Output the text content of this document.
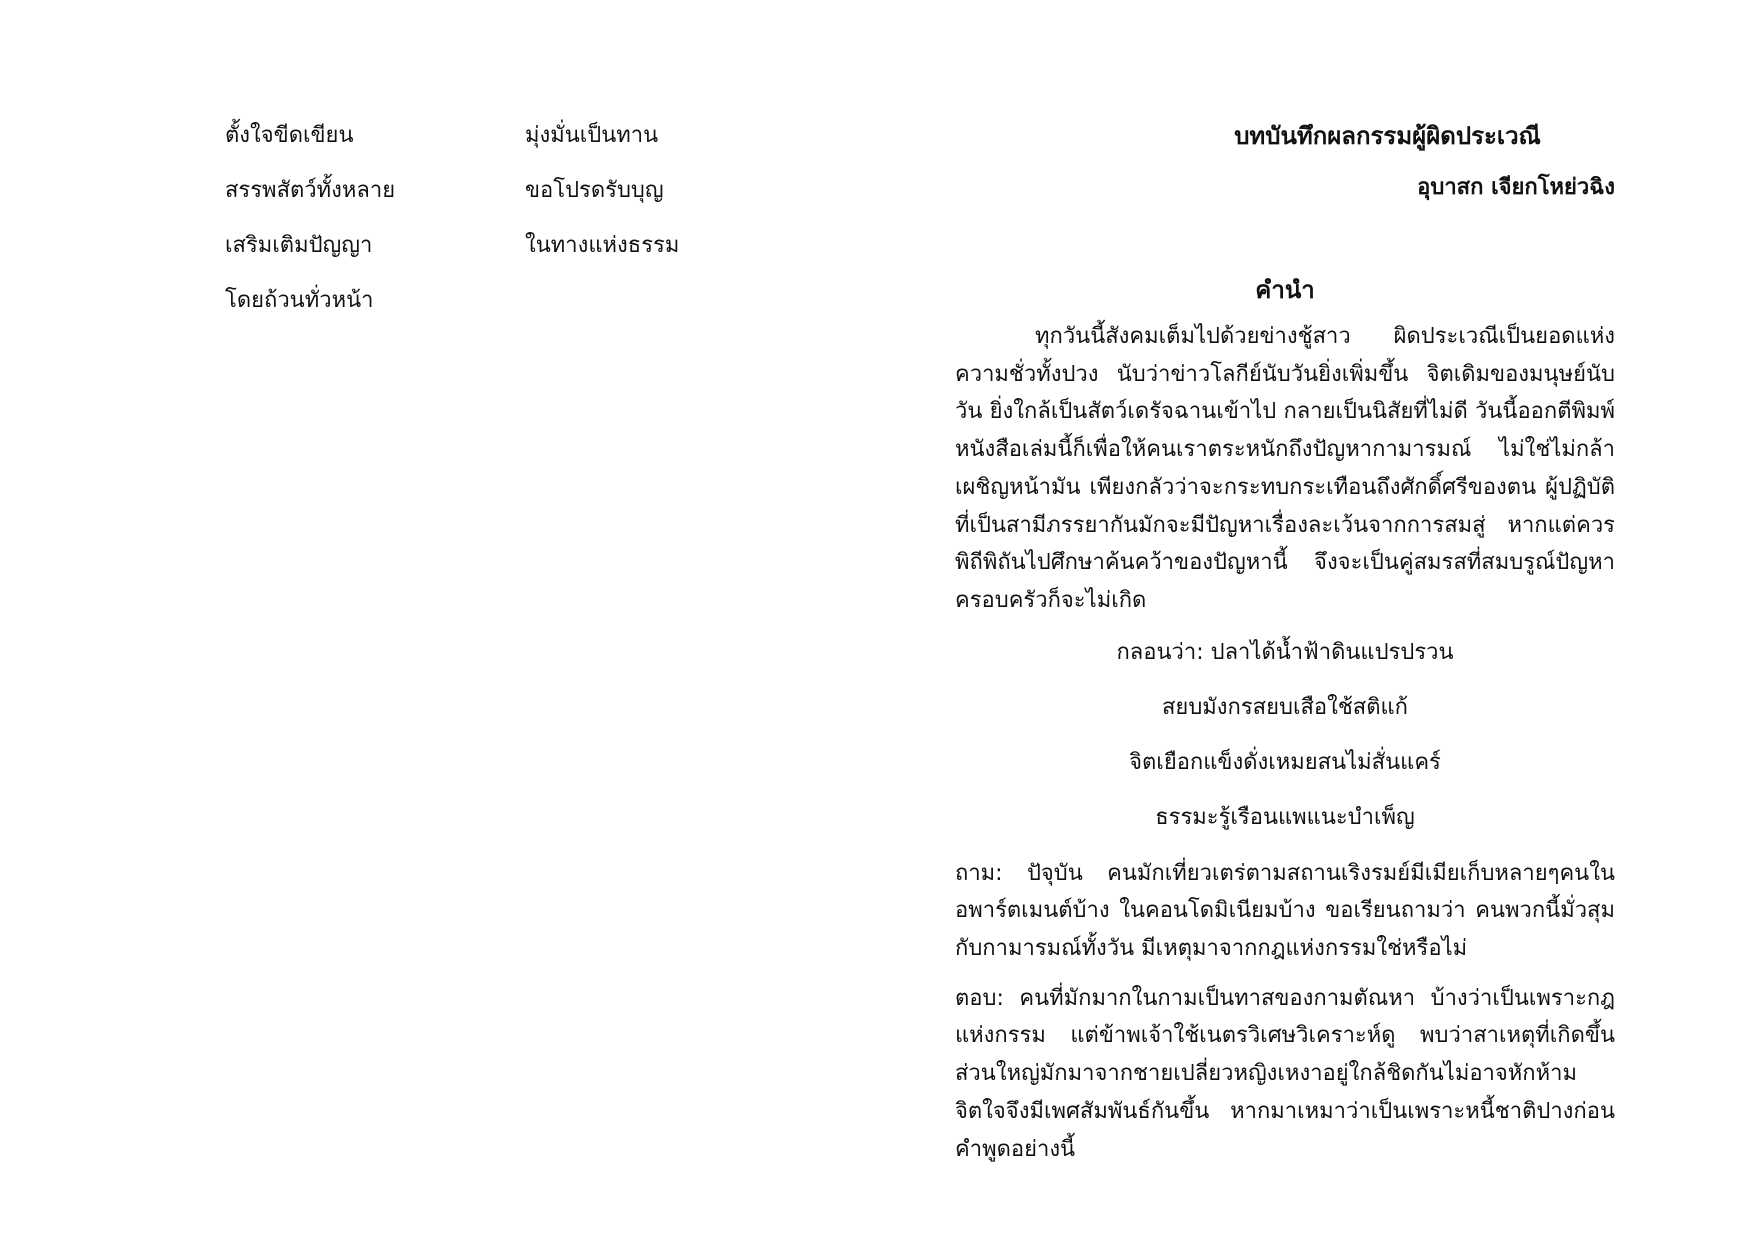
ตั้งใจขีดเขียน	มุ่งมั่นเป็นทาน
สรรพสัตว์ทั้งหลาย	ขอโปรดรับบุญ
เสริมเติมปัญญา	ในทางแห่งธรรม
โดยถ้วนทั่วหน้า
บทบันทึกผลกรรมผู้ผิดประเวณี
อุบาสก เจียกโหย่วฉิง
คำนำ

ทุกวันนี้สังคมเต็มไปด้วยข่างชู้สาว ผิดประเวณีเป็นยอดแห่งความชั่วทั้งปวง นับว่าข่าวโลกีย์นับวันยิ่งเพิ่มขึ้น จิตเดิมของมนุษย์นับวัน ยิ่งใกล้เป็นสัตว์เดรัจฉานเข้าไป กลายเป็นนิสัยที่ไม่ดี วันนี้ออกตีพิมพ์หนังสือเล่มนี้ก็เพื่อให้คนเราตระหนักถึงปัญหากามารมณ์ ไม่ใช่ไม่กล้าเผชิญหน้ามัน เพียงกลัวว่าจะกระทบกระเทือนถึงศักดิ์ศรีของตน ผู้ปฏิบัติที่เป็นสามีภรรยากันมักจะมีปัญหาเรื่องละเว้นจากการสมสู่ หากแต่ควรพิถีพิถันไปศึกษาค้นคว้าของปัญหานี้ จึงจะเป็นคู่สมรสที่สมบรูณ์ปัญหาครอบครัวก็จะไม่เกิด

กลอนว่า: ปลาได้น้ำฟ้าดินแปรปรวน
สยบมังกรสยบเสือใช้สติแก้
จิตเยือกแข็งดั่งเหมยสนไม่สั่นแคร์
ธรรมะรู้เรือนแพแนะบำเพ็ญ

ถาม: ปัจุบัน คนมักเที่ยวเตร่ตามสถานเริงรมย์มีเมียเก็บหลายๆคนในอพาร์ตเมนต์บ้าง ในคอนโดมิเนียมบ้าง ขอเรียนถามว่า คนพวกนี้มั่วสุมกับกามารมณ์ทั้งวัน มีเหตุมาจากกฎแห่งกรรมใช่หรือไม่

ตอบ: คนที่มักมากในกามเป็นทาสของกามตัณหา บ้างว่าเป็นเพราะกฎแห่งกรรม แต่ข้าพเจ้าใช้เนตรวิเศษวิเคราะห์ดู พบว่าสาเหตุที่เกิดขึ้นส่วนใหญ่มักมาจากชายเปลี่ยวหญิงเหงาอยู่ใกล้ชิดกันไม่อาจหักห้ามจิตใจจึงมีเพศสัมพันธ์กันขึ้น หากมาเหมาว่าเป็นเพราะหนี้ชาติปางก่อน คำพูดอย่างนี้
